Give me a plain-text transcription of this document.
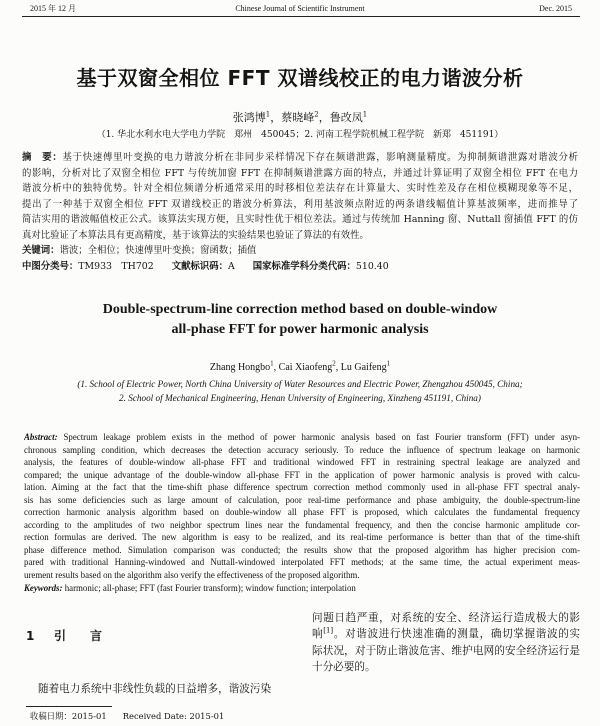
2015 年 12 月	Chinese Journal of Scientific Instrument	Dec. 2015
基于双窗全相位 FFT 双谱线校正的电力谐波分析
张鸿博$^1$，蔡晓峰$^2$，鲁改凤$^1$
（1. 华北水利水电大学电力学院　郑州　450045；2. 河南工程学院机械工程学院　新郑　451191）
摘　要：基于快速傅里叶变换的电力谐波分析在非同步采样情况下存在频谱泄露，影响测量精度。为抑制频谱泄露对谐波分析
的影响，分析对比了双窗全相位 FFT 与传统加窗 FFT 在抑制频谱泄露方面的特点，并通过计算证明了双窗全相位 FFT 在电力
谐波分析中的独特优势。针对全相位频谱分析通常采用的时移相位差法存在计算量大、实时性差及存在相位模糊现象等不足，
提出了一种基于双窗全相位 FFT 双谱线校正的谐波分析算法，利用基波频点附近的两条谱线幅值计算基波频率，进而推导了
简洁实用的谐波幅值校正公式。该算法实现方便，且实时性优于相位差法。通过与传统加 Hanning 窗、Nuttall 窗插值 FFT 的仿
真对比验证了本算法具有更高精度，基于该算法的实验结果也验证了算法的有效性。
关键词：谐波；全相位；快速傅里叶变换；窗函数；插值
中图分类号：TM933　TH702 文献标识码：A 国家标准学科分类代码：510.40
Double-spectrum-line correction method based on double-window
all-phase FFT for power harmonic analysis
Zhang Hongbo$^1$, Cai Xiaofeng$^2$, Lu Gaifeng$^1$
(1. School of Electric Power, North China University of Water Resources and Electric Power, Zhengzhou 450045, China;
2. School of Mechanical Engineering, Henan University of Engineering, Xinzheng 451191, China)
Abstract: Spectrum leakage problem exists in the method of power harmonic analysis based on fast Fourier transform (FFT) under asyn-
chronous sampling condition, which decreases the detection accuracy seriously. To reduce the influence of spectrum leakage on harmonic
analysis, the features of double-window all-phase FFT and traditional windowed FFT in restraining spectral leakage are analyzed and
compared; the unique advantage of the double-window all-phase FFT in the application of power harmonic analysis is proved with calcu-
lation. Aiming at the fact that the time-shift phase difference spectrum correction method commonly used in all-phase FFT spectral analy-
sis has some deficiencies such as large amount of calculation, poor real-time performance and phase ambiguity, the double-spectrum-line
correction harmonic analysis algorithm based on double-window all phase FFT is proposed, which calculates the fundamental frequency
according to the amplitudes of two neighbor spectrum lines near the fundamental frequency, and then the concise harmonic amplitude cor-
rection formulas are derived. The new algorithm is easy to be realized, and its real-time performance is better than that of the time-shift
phase difference method. Simulation comparison was conducted; the results show that the proposed algorithm has higher precision com-
pared with traditional Hanning-windowed and Nuttall-windowed interpolated FFT methods; at the same time, the actual experiment meas-
urement results based on the algorithm also verify the effectiveness of the proposed algorithm.
Keywords: harmonic; all-phase; FFT (fast Fourier transform); window function; interpolation
1 引　　言
随着电力系统中非线性负载的日益增多，谐波污染
问题日趋严重，对系统的安全、经济运行造成极大的影
响[1]。对谐波进行快速准确的测量，确切掌握谐波的实
际状况，对于防止谐波危害、维护电网的安全经济运行是
十分必要的。
收稿日期：2015-01 Received Date: 2015-01
